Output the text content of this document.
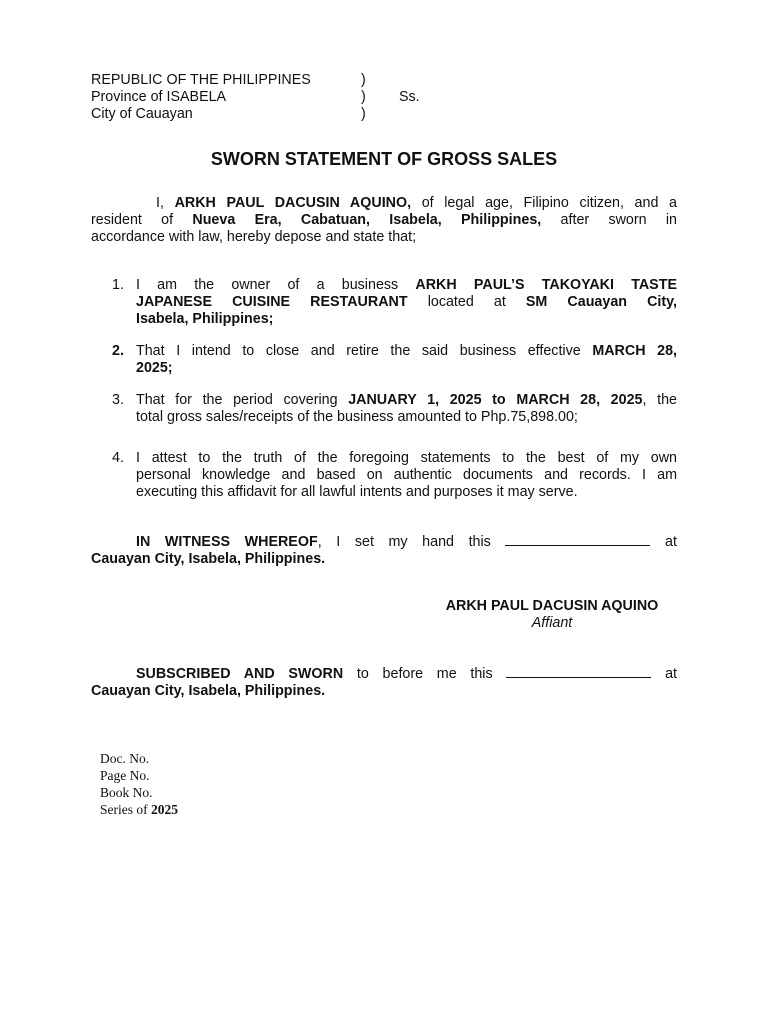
REPUBLIC OF THE PHILIPPINES	)
Province of ISABELA	) Ss.
City of Cauayan	)
SWORN STATEMENT OF GROSS SALES
I, ARKH PAUL DACUSIN AQUINO, of legal age, Filipino citizen, and a
resident of Nueva Era, Cabatuan, Isabela, Philippines, after sworn in
accordance with law, hereby depose and state that;
1. I am the owner of a business ARKH PAUL’S TAKOYAKI TASTE
JAPANESE CUISINE RESTAURANT located at SM Cauayan City,
Isabela, Philippines;
2. That I intend to close and retire the said business effective MARCH 28,
2025;
3. That for the period covering JANUARY 1, 2025 to MARCH 28, 2025, the
total gross sales/receipts of the business amounted to Php.75,898.00;
4. I attest to the truth of the foregoing statements to the best of my own
personal knowledge and based on authentic documents and records. I am
executing this affidavit for all lawful intents and purposes it may serve.
IN WITNESS WHEREOF, I set my hand this	at
Cauayan City, Isabela, Philippines.
ARKH PAUL DACUSIN AQUINO
Affiant
SUBSCRIBED AND SWORN to before me this	at
Cauayan City, Isabela, Philippines.
Doc. No.
Page No.
Book No.
Series of 2025
